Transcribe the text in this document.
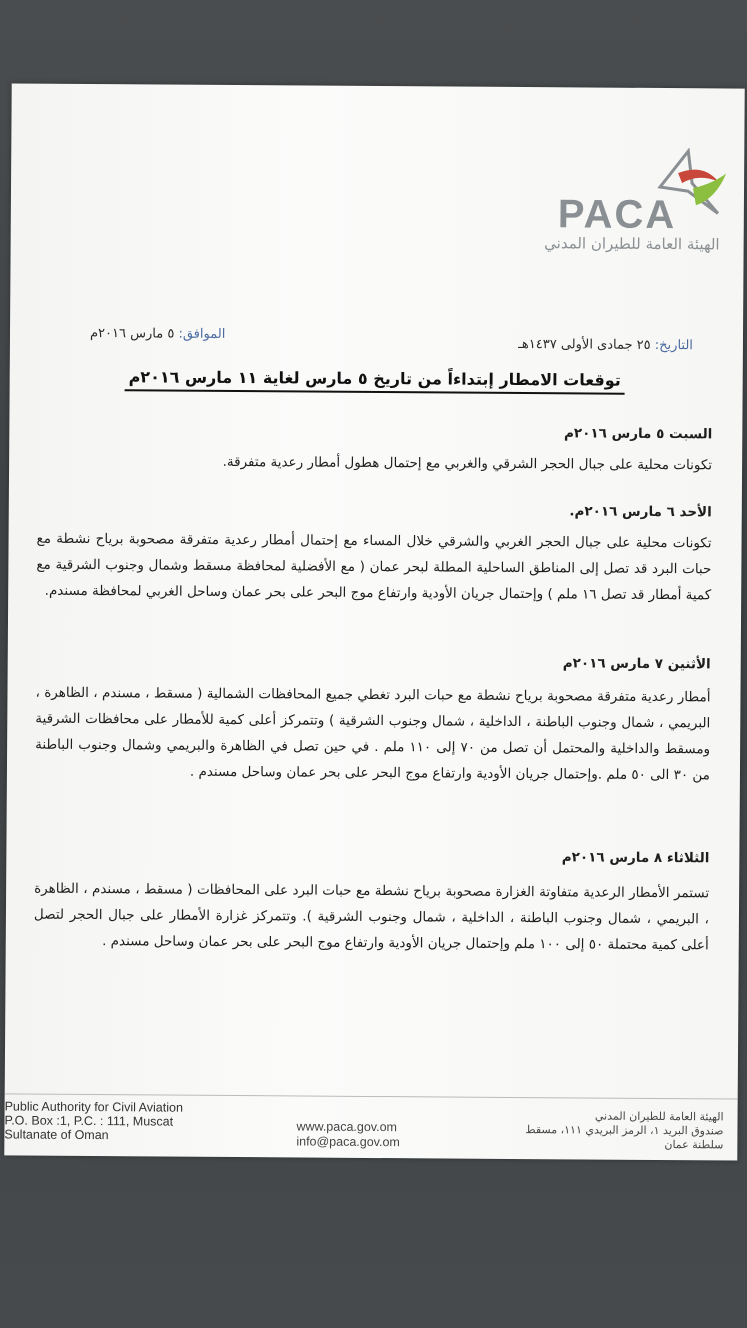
PACA
الهيئة العامة للطيران المدني
التاريخ: ٢٥ جمادى الأولى ١٤٣٧هـ
الموافق: ٥ مارس ٢٠١٦م
توقعات الامطار إبتداءاً من تاريخ ٥ مارس لغاية ١١ مارس ٢٠١٦م
السبت ٥ مارس ٢٠١٦م
تكونات محلية على جبال الحجر الشرقي والغربي مع إحتمال هطول أمطار رعدية متفرقة.
الأحد ٦ مارس ٢٠١٦م.
تكونات محلية على جبال الحجر الغربي والشرقي خلال المساء مع إحتمال أمطار رعدية متفرقة مصحوبة برياح نشطة مع حبات البرد قد تصل إلى المناطق الساحلية المطلة لبحر عمان ( مع الأفضلية لمحافظة مسقط وشمال وجنوب الشرقية مع كمية أمطار قد تصل ١٦ ملم ) وإحتمال جريان الأودية وارتفاع موج البحر على بحر عمان وساحل الغربي لمحافظة مسندم.
الأثنين ٧ مارس ٢٠١٦م
أمطار رعدية متفرقة مصحوبة برياح نشطة مع حبات البرد تغطي جميع المحافظات الشمالية ( مسقط ، مسندم ، الظاهرة ، البريمي ، شمال وجنوب الباطنة ، الداخلية ، شمال وجنوب الشرقية ) وتتمركز أعلى كمية للأمطار على محافظات الشرقية ومسقط والداخلية والمحتمل أن تصل من ٧٠ إلى ١١٠ ملم . في حين تصل في الظاهرة والبريمي وشمال وجنوب الباطنة من ٣٠ الى ٥٠ ملم .وإحتمال جريان الأودية وارتفاع موج البحر على بحر عمان وساحل مسندم .
الثلاثاء ٨ مارس ٢٠١٦م
تستمر الأمطار الرعدية متفاوتة الغزارة مصحوبة برياح نشطة مع حبات البرد على المحافظات ( مسقط ، مسندم ، الظاهرة ، البريمي ، شمال وجنوب الباطنة ، الداخلية ، شمال وجنوب الشرقية ). وتتمركز غزارة الأمطار على جبال الحجر لتصل أعلى كمية محتملة ٥٠ إلى ١٠٠ ملم وإحتمال جريان الأودية وارتفاع موج البحر على بحر عمان وساحل مسندم .
Public Authority for Civil Aviation
P.O. Box :1, P.C. : 111, Muscat
Sultanate of Oman
www.paca.gov.om
info@paca.gov.om
الهيئة العامة للطيران المدني
صندوق البريد ١، الرمز البريدي ١١١، مسقط
سلطنة عمان
